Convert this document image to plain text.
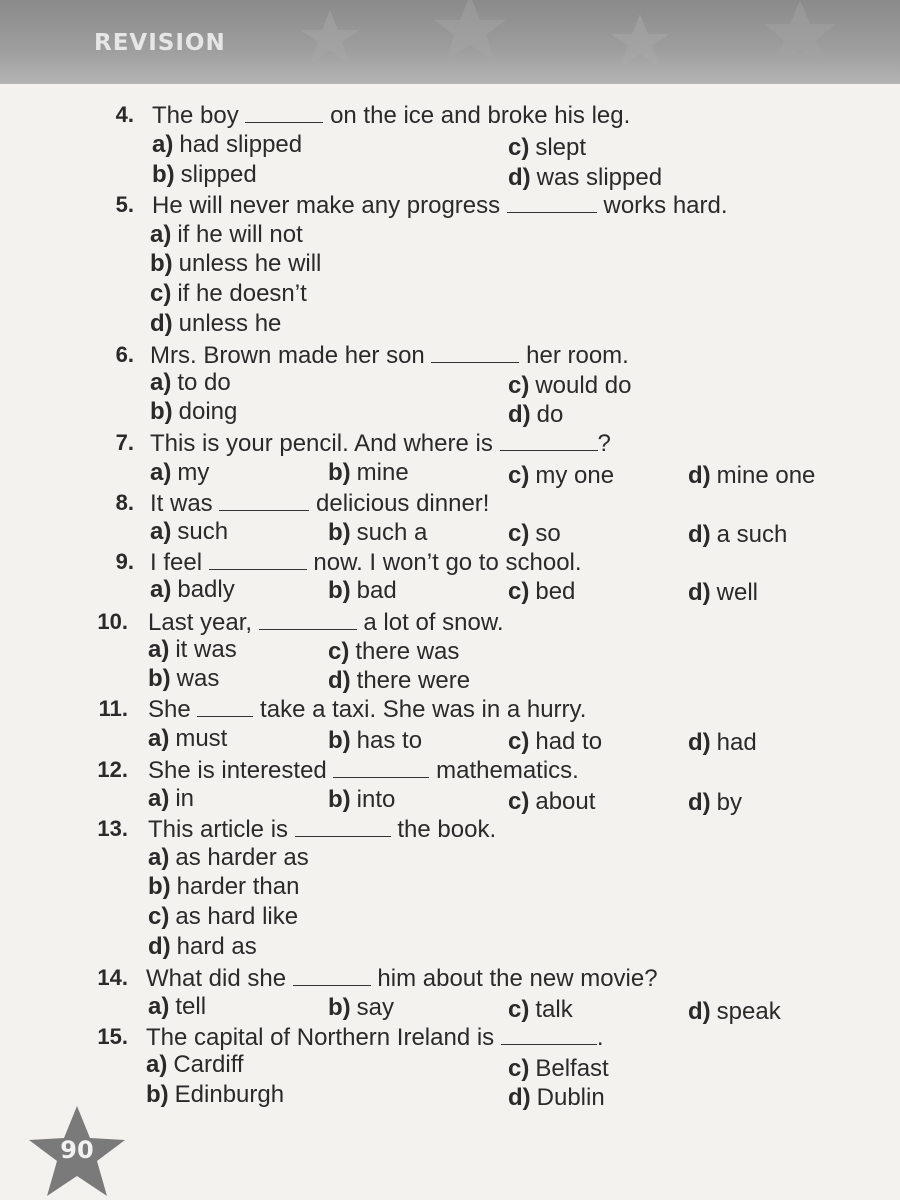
REVISION
4. The boy	on the ice and broke his leg.
a) had slipped	c) slept
b) slipped	d) was slipped
5. He will never make any progress	works hard.
a) if he will not
b) unless he will
c) if he doesn’t
d) unless he
6. Mrs. Brown made her son	her room.
a) to do	c) would do
b) doing	d) do
7. This is your pencil. And where is	?
a) my	b) mine	c) my one	d) mine one
8. It was	delicious dinner!
a) such	b) such a	c) so	d) a such
9. I feel	now. I won’t go to school.
a) badly	b) bad	c) bed	d) well
10. Last year,	a lot of snow.
a) it was	c) there was
b) was	d) there were
11. She	take a taxi. She was in a hurry.
a) must	b) has to	c) had to	d) had
12. She is interested	mathematics.
a) in	b) into	c) about	d) by
13. This article is	the book.
a) as harder as
b) harder than
c) as hard like
d) hard as
14. What did she	him about the new movie?
a) tell	b) say	c) talk	d) speak
15. The capital of Northern Ireland is	.
a) Cardiff	c) Belfast
b) Edinburgh	d) Dublin
90
